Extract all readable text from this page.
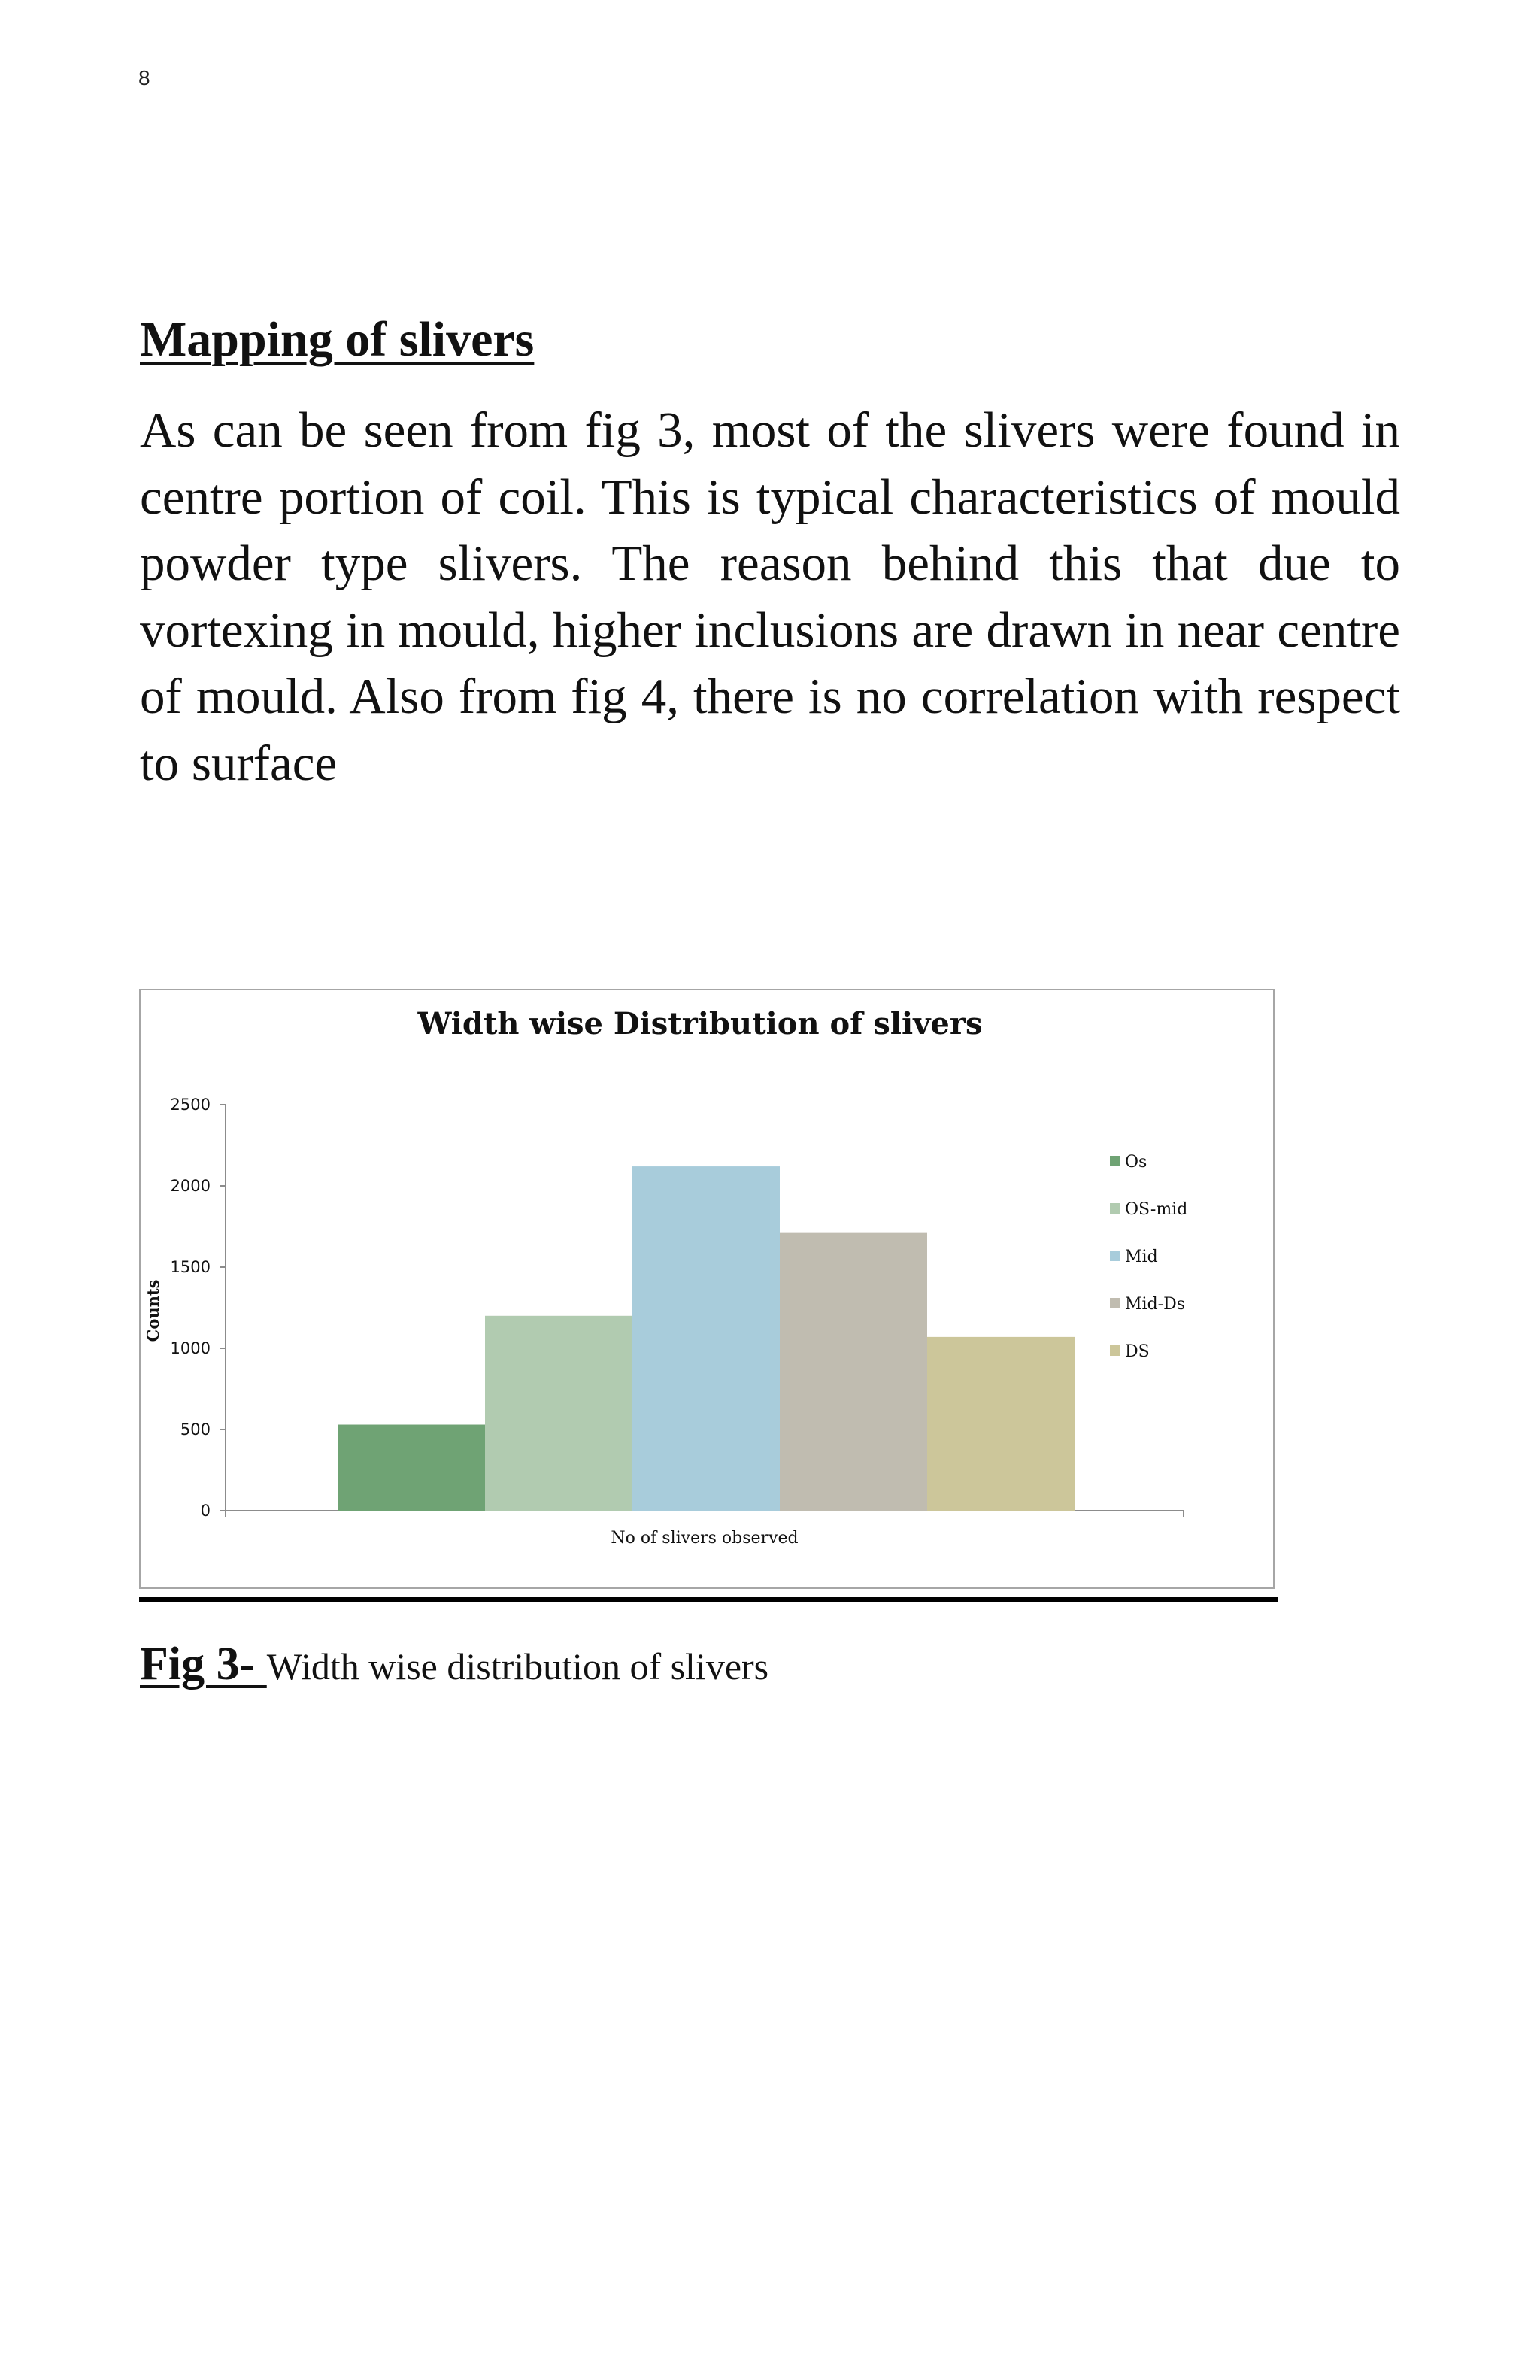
8
Mapping of slivers
As can be seen from fig 3, most of the slivers were found in centre portion of coil. This is typical characteristics of mould powder type slivers. The reason behind this that due to vortexing in mould, higher inclusions are drawn in near centre of mould. Also from fig 4, there is no correlation with respect to surface
Width wise Distribution of slivers
0
500
1000
1500
2000
2500
Counts
No of slivers observed
Os
OS-mid
Mid
Mid-Ds
DS
Fig 3- Width wise distribution of slivers
